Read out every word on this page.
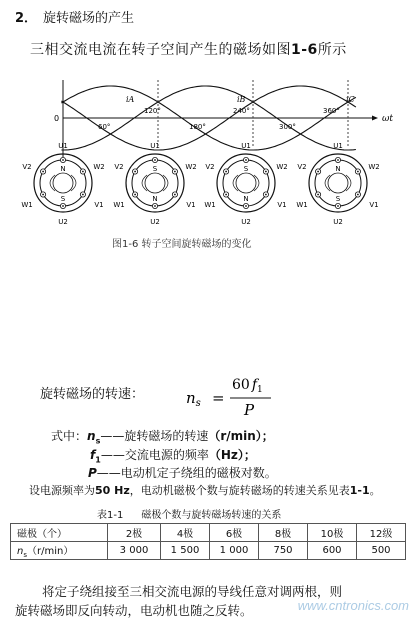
2． 旋转磁场的产生
三相交流电流在转子空间产生的磁场如图1-6所示
iA	iB	iC
ωt
0
60°
120°
180°
240°
300°
360°
U1
U2
V2	W2
W1	V1
N
S
U1
U2
V2	W2
W1	V1
S
N
U1
U2
V2	W2
W1	V1
S
N
U1
U2
V2	W2
W1	V1
N
S
图1-6 转子空间旋转磁场的变化
旋转磁场的转速：	$n_s$ =
60 $f_1$
P
式中：$n_s——$旋转磁场的转速（r/min）；
$f_1——$交流电源的频率（Hz）；
P——电动机定子绕组的磁极对数。
设电源频率为50 Hz，电动机磁极个数与旋转磁场的转速关系见表1-1。
表1-1 磁极个数与旋转磁场转速的关系
磁极（个）	2极	4极	6极	8极	10极	12级
$n_s(r/\min)$	3 000	1 500	1 000	750	600	500
将定子绕组接至三相交流电源的导线任意对调两根，则
旋转磁场即反向转动，电动机也随之反转。	www.cntronics.com
